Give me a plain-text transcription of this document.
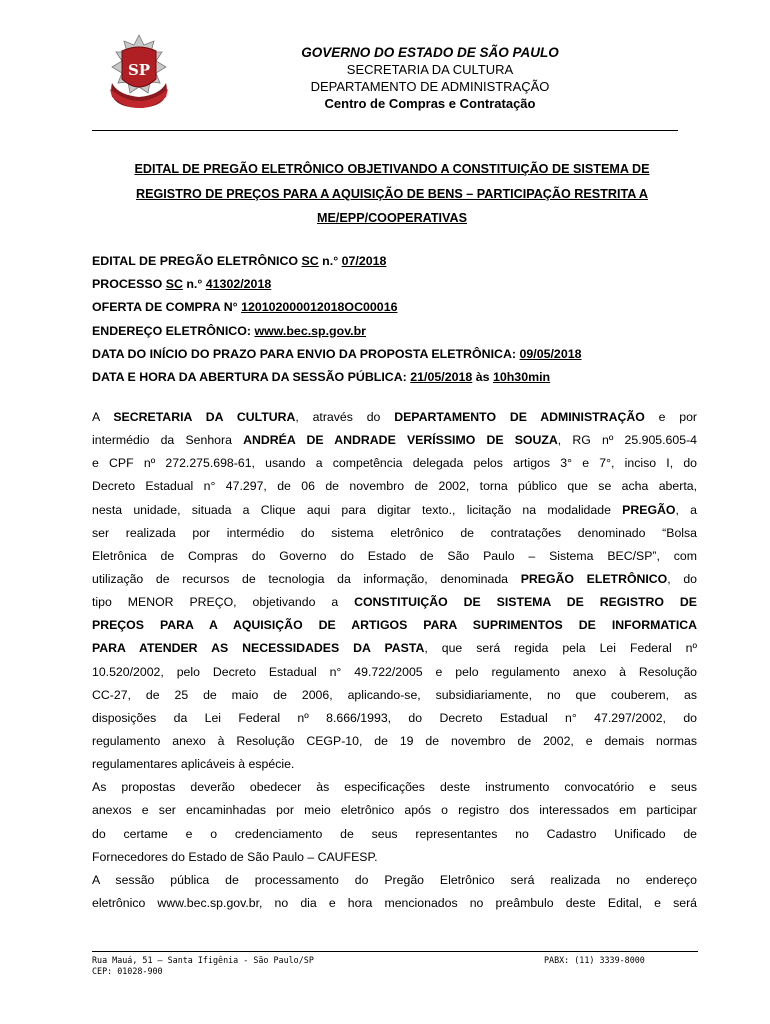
SP
GOVERNO DO ESTADO DE SÃO PAULO
SECRETARIA DA CULTURA
DEPARTAMENTO DE ADMINISTRAÇÃO
Centro de Compras e Contratação
EDITAL DE PREGÃO ELETRÔNICO OBJETIVANDO A CONSTITUIÇÃO DE SISTEMA DE
REGISTRO DE PREÇOS PARA A AQUISIÇÃO DE BENS – PARTICIPAÇÃO RESTRITA A
ME/EPP/COOPERATIVAS
EDITAL DE PREGÃO ELETRÔNICO SC n.° 07/2018
PROCESSO SC n.° 41302/2018
OFERTA DE COMPRA N° 120102000012018OC00016
ENDEREÇO ELETRÔNICO: www.bec.sp.gov.br
DATA DO INÍCIO DO PRAZO PARA ENVIO DA PROPOSTA ELETRÔNICA: 09/05/2018
DATA E HORA DA ABERTURA DA SESSÃO PÚBLICA: 21/05/2018 às 10h30min
A SECRETARIA DA CULTURA, através do DEPARTAMENTO DE ADMINISTRAÇÃO e por
intermédio da Senhora ANDRÉA DE ANDRADE VERÍSSIMO DE SOUZA, RG nº 25.905.605-4
e CPF nº 272.275.698-61, usando a competência delegada pelos artigos 3° e 7°, inciso I, do
Decreto Estadual n° 47.297, de 06 de novembro de 2002, torna público que se acha aberta,
nesta unidade, situada a Clique aqui para digitar texto., licitação na modalidade PREGÃO, a
ser realizada por intermédio do sistema eletrônico de contratações denominado “Bolsa
Eletrônica de Compras do Governo do Estado de São Paulo – Sistema BEC/SP”, com
utilização de recursos de tecnologia da informação, denominada PREGÃO ELETRÔNICO, do
tipo MENOR PREÇO, objetivando a CONSTITUIÇÃO DE SISTEMA DE REGISTRO DE
PREÇOS PARA A AQUISIÇÃO DE ARTIGOS PARA SUPRIMENTOS DE INFORMATICA
PARA ATENDER AS NECESSIDADES DA PASTA, que será regida pela Lei Federal nº
10.520/2002, pelo Decreto Estadual n° 49.722/2005 e pelo regulamento anexo à Resolução
CC-27, de 25 de maio de 2006, aplicando-se, subsidiariamente, no que couberem, as
disposições da Lei Federal nº 8.666/1993, do Decreto Estadual n° 47.297/2002, do
regulamento anexo à Resolução CEGP-10, de 19 de novembro de 2002, e demais normas
regulamentares aplicáveis à espécie.
As propostas deverão obedecer às especificações deste instrumento convocatório e seus
anexos e ser encaminhadas por meio eletrônico após o registro dos interessados em participar
do certame e o credenciamento de seus representantes no Cadastro Unificado de
Fornecedores do Estado de São Paulo – CAUFESP.
A sessão pública de processamento do Pregão Eletrônico será realizada no endereço
eletrônico www.bec.sp.gov.br, no dia e hora mencionados no preâmbulo deste Edital, e será
Rua Mauá, 51 – Santa Ifigênia - São Paulo/SP
CEP: 01028-900
PABX: (11) 3339-8000
